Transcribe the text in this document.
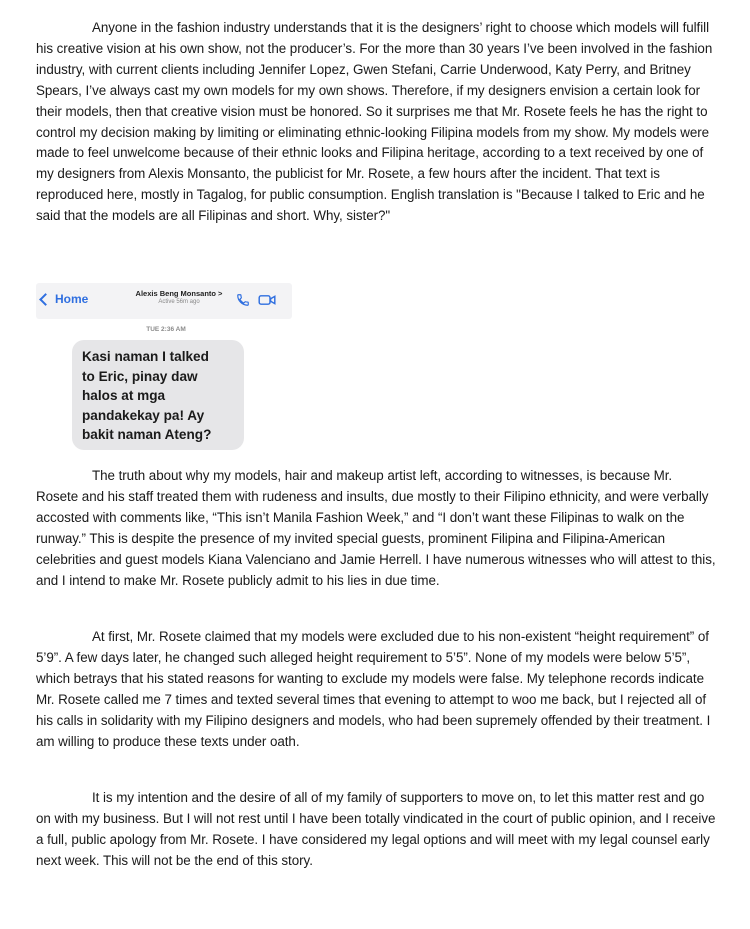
Anyone in the fashion industry understands that it is the designers’ right to choose which models will fulfill his creative vision at his own show, not the producer’s. For the more than 30 years I’ve been involved in the fashion industry, with current clients including Jennifer Lopez, Gwen Stefani, Carrie Underwood, Katy Perry, and Britney Spears, I’ve always cast my own models for my own shows. Therefore, if my designers envision a certain look for their models, then that creative vision must be honored. So it surprises me that Mr. Rosete feels he has the right to control my decision making by limiting or eliminating ethnic-looking Filipina models from my show. My models were made to feel unwelcome because of their ethnic looks and Filipina heritage, according to a text received by one of my designers from Alexis Monsanto, the publicist for Mr. Rosete, a few hours after the incident. That text is reproduced here, mostly in Tagalog, for public consumption. English translation is "Because I talked to Eric and he said that the models are all Filipinas and short. Why, sister?"

Home	Alexis Beng Monsanto >
Active 56m ago
TUE 2:36 AM
Kasi naman I talked
to Eric, pinay daw
halos at mga
pandakekay pa! Ay
bakit naman Ateng?

The truth about why my models, hair and makeup artist left, according to witnesses, is because Mr. Rosete and his staff treated them with rudeness and insults, due mostly to their Filipino ethnicity, and were verbally accosted with comments like, “This isn’t Manila Fashion Week,” and “I don’t want these Filipinas to walk on the runway.” This is despite the presence of my invited special guests, prominent Filipina and Filipina-American celebrities and guest models Kiana Valenciano and Jamie Herrell. I have numerous witnesses who will attest to this, and I intend to make Mr. Rosete publicly admit to his lies in due time.

At first, Mr. Rosete claimed that my models were excluded due to his non-existent “height requirement” of 5’9”. A few days later, he changed such alleged height requirement to 5’5”. None of my models were below 5’5”, which betrays that his stated reasons for wanting to exclude my models were false. My telephone records indicate Mr. Rosete called me 7 times and texted several times that evening to attempt to woo me back, but I rejected all of his calls in solidarity with my Filipino designers and models, who had been supremely offended by their treatment. I am willing to produce these texts under oath.

It is my intention and the desire of all of my family of supporters to move on, to let this matter rest and go on with my business. But I will not rest until I have been totally vindicated in the court of public opinion, and I receive a full, public apology from Mr. Rosete. I have considered my legal options and will meet with my legal counsel early next week. This will not be the end of this story.
